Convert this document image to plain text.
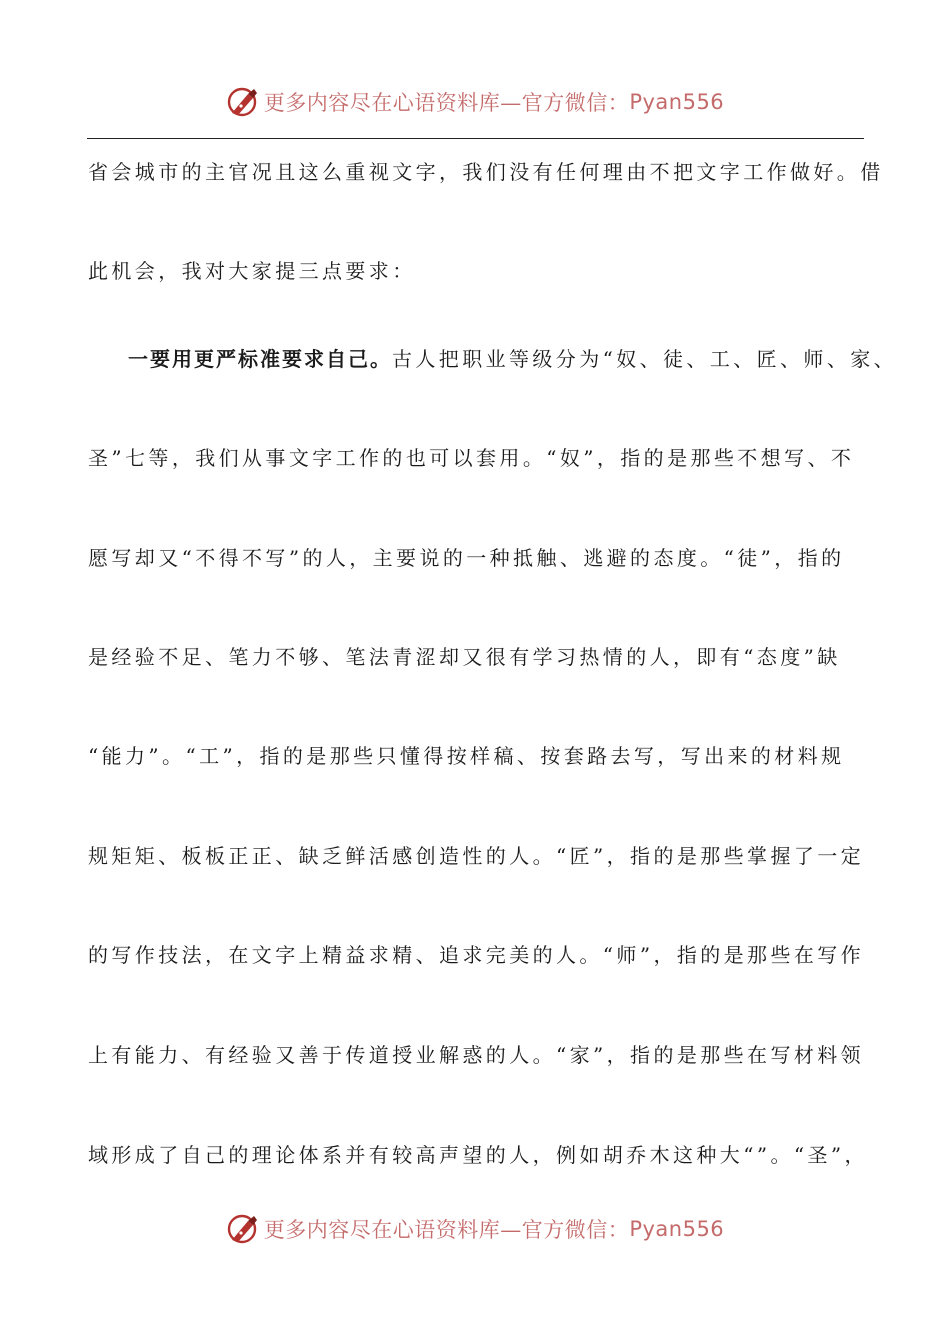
更多内容尽在心语资料库—官方微信： Pyan556
省会城市的主官况且这么重视文字，我们没有任何理由不把文字工作做好。借
此机会，我对大家提三点要求：
一要用更严标准要求自己。古人把职业等级分为“奴、徒、工、匠、师、家、
圣”七等，我们从事文字工作的也可以套用。“奴”，指的是那些不想写、不
愿写却又“不得不写”的人，主要说的一种抵触、逃避的态度。“徒”，指的
是经验不足、笔力不够、笔法青涩却又很有学习热情的人，即有“态度”缺
“能力”。“工”，指的是那些只懂得按样稿、按套路去写，写出来的材料规
规矩矩、板板正正、缺乏鲜活感创造性的人。“匠”，指的是那些掌握了一定
的写作技法，在文字上精益求精、追求完美的人。“师”，指的是那些在写作
上有能力、有经验又善于传道授业解惑的人。“家”，指的是那些在写材料领
域形成了自己的理论体系并有较高声望的人，例如胡乔木这种大“”。“圣”，
更多内容尽在心语资料库—官方微信： Pyan556
